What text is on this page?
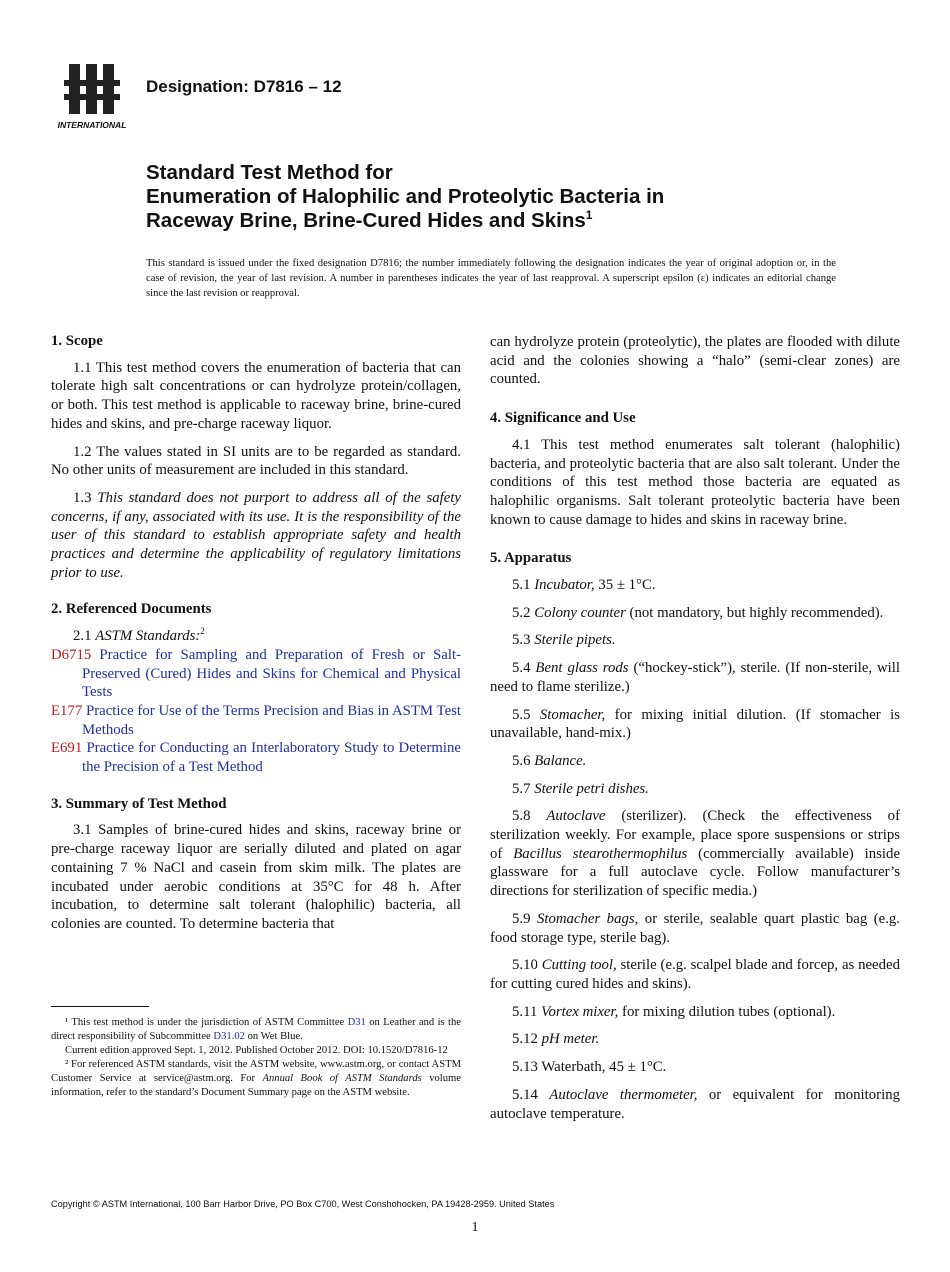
INTERNATIONAL
Designation: D7816 – 12
Standard Test Method for
Enumeration of Halophilic and Proteolytic Bacteria in
Raceway Brine, Brine-Cured Hides and Skins$^1$
This standard is issued under the fixed designation D7816; the number immediately following the designation indicates the year of original adoption or, in the case of revision, the year of last revision. A number in parentheses indicates the year of last reapproval. A superscript epsilon (ε) indicates an editorial change since the last revision or reapproval.
1. Scope

1.1 This test method covers the enumeration of bacteria that can tolerate high salt concentrations or can hydrolyze protein/collagen, or both. This test method is applicable to raceway brine, brine-cured hides and skins, and pre-charge raceway liquor.

1.2 The values stated in SI units are to be regarded as standard. No other units of measurement are included in this standard.

1.3 This standard does not purport to address all of the safety concerns, if any, associated with its use. It is the responsibility of the user of this standard to establish appropriate safety and health practices and determine the applicability of regulatory limitations prior to use.

2. Referenced Documents

2.1 ASTM Standards:$^2$

D6715 Practice for Sampling and Preparation of Fresh or Salt-Preserved (Cured) Hides and Skins for Chemical and Physical Tests
E177 Practice for Use of the Terms Precision and Bias in ASTM Test Methods
E691 Practice for Conducting an Interlaboratory Study to Determine the Precision of a Test Method
3. Summary of Test Method

3.1 Samples of brine-cured hides and skins, raceway brine or pre-charge raceway liquor are serially diluted and plated on agar containing 7 % NaCl and casein from skim milk. The plates are incubated under aerobic conditions at 35°C for 48 h. After incubation, to determine salt tolerant (halophilic) bacteria, all colonies are counted. To determine bacteria that

can hydrolyze protein (proteolytic), the plates are flooded with dilute acid and the colonies showing a “halo” (semi-clear zones) are counted.

4. Significance and Use

4.1 This test method enumerates salt tolerant (halophilic) bacteria, and proteolytic bacteria that are also salt tolerant. Under the conditions of this test method those bacteria are equated as halophilic organisms. Salt tolerant proteolytic bacteria have been known to cause damage to hides and skins in raceway brine.

5. Apparatus

5.1 Incubator, 35 ± 1°C.

5.2 Colony counter (not mandatory, but highly recommended).

5.3 Sterile pipets.

5.4 Bent glass rods (“hockey-stick”), sterile. (If non-sterile, will need to flame sterilize.)

5.5 Stomacher, for mixing initial dilution. (If stomacher is unavailable, hand-mix.)

5.6 Balance.

5.7 Sterile petri dishes.

5.8 Autoclave (sterilizer). (Check the effectiveness of sterilization weekly. For example, place spore suspensions or strips of Bacillus stearothermophilus (commercially available) inside glassware for a full autoclave cycle. Follow manufacturer’s directions for sterilization of specific media.)

5.9 Stomacher bags, or sterile, sealable quart plastic bag (e.g. food storage type, sterile bag).

5.10 Cutting tool, sterile (e.g. scalpel blade and forcep, as needed for cutting cured hides and skins).

5.11 Vortex mixer, for mixing dilution tubes (optional).

5.12 pH meter.

5.13 Waterbath, 45 ± 1°C.

5.14 Autoclave thermometer, or equivalent for monitoring autoclave temperature.

¹ This test method is under the jurisdiction of ASTM Committee D31 on Leather and is the direct responsibility of Subcommittee D31.02 on Wet Blue.

Current edition approved Sept. 1, 2012. Published October 2012. DOI: 10.1520/D7816-12

² For referenced ASTM standards, visit the ASTM website, www.astm.org, or contact ASTM Customer Service at service@astm.org. For Annual Book of ASTM Standards volume information, refer to the standard’s Document Summary page on the ASTM website.

Copyright © ASTM International, 100 Barr Harbor Drive, PO Box C700, West Conshohocken, PA 19428-2959. United States
1
